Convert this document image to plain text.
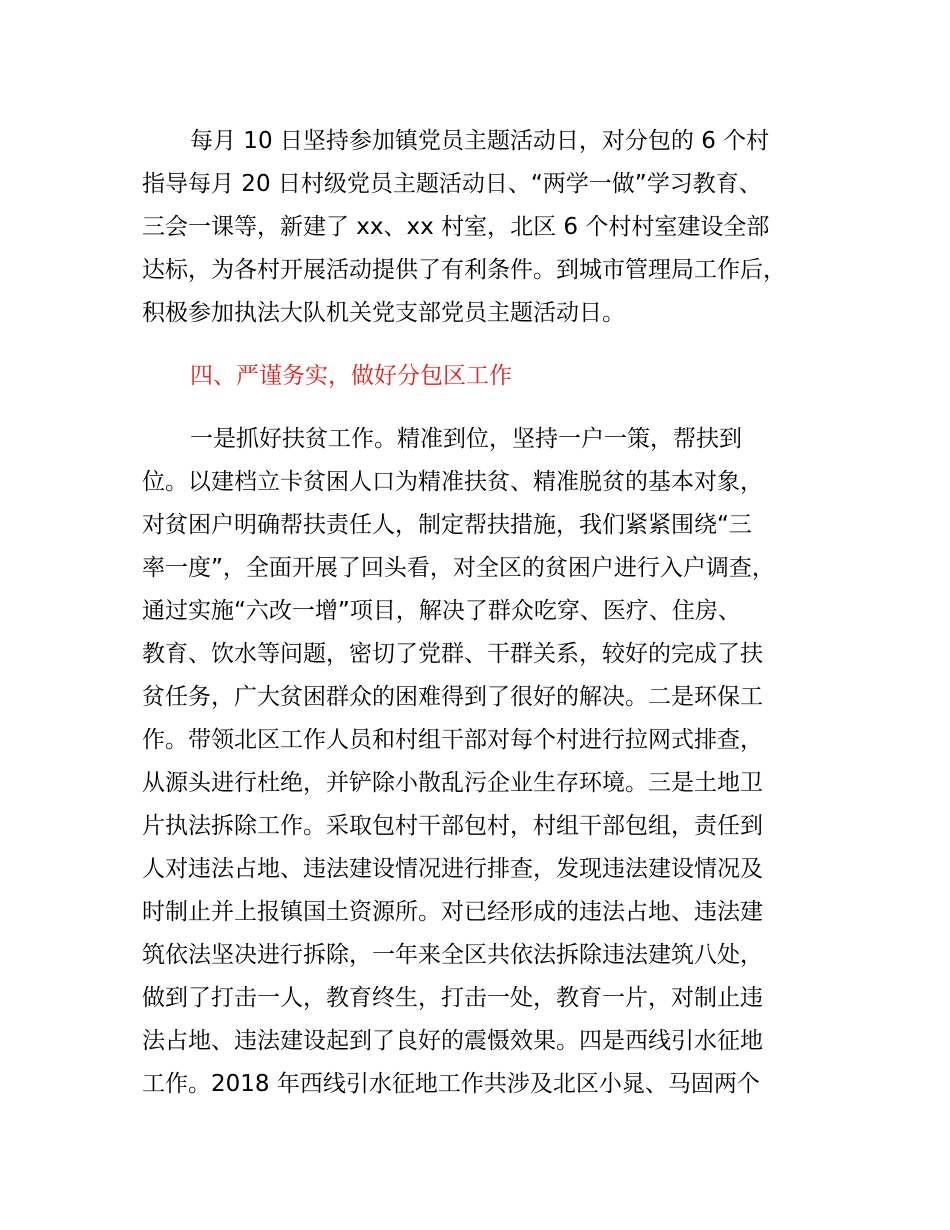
每月 10 日坚持参加镇党员主题活动日，对分包的 6 个村
指导每月 20 日村级党员主题活动日、“两学一做”学习教育、
三会一课等，新建了 xx、xx 村室，北区 6 个村村室建设全部
达标，为各村开展活动提供了有利条件。到城市管理局工作后，
积极参加执法大队机关党支部党员主题活动日。
四、严谨务实，做好分包区工作
一是抓好扶贫工作。精准到位，坚持一户一策，帮扶到
位。以建档立卡贫困人口为精准扶贫、精准脱贫的基本对象，
对贫困户明确帮扶责任人，制定帮扶措施，我们紧紧围绕“三
率一度”，全面开展了回头看，对全区的贫困户进行入户调查，
通过实施“六改一增”项目，解决了群众吃穿、医疗、住房、
教育、饮水等问题，密切了党群、干群关系，较好的完成了扶
贫任务，广大贫困群众的困难得到了很好的解决。二是环保工
作。带领北区工作人员和村组干部对每个村进行拉网式排查，
从源头进行杜绝，并铲除小散乱污企业生存环境。三是土地卫
片执法拆除工作。采取包村干部包村，村组干部包组，责任到
人对违法占地、违法建设情况进行排查，发现违法建设情况及
时制止并上报镇国土资源所。对已经形成的违法占地、违法建
筑依法坚决进行拆除，一年来全区共依法拆除违法建筑八处，
做到了打击一人，教育终生，打击一处，教育一片，对制止违
法占地、违法建设起到了良好的震慑效果。四是西线引水征地
工作。2018 年西线引水征地工作共涉及北区小晁、马固两个
